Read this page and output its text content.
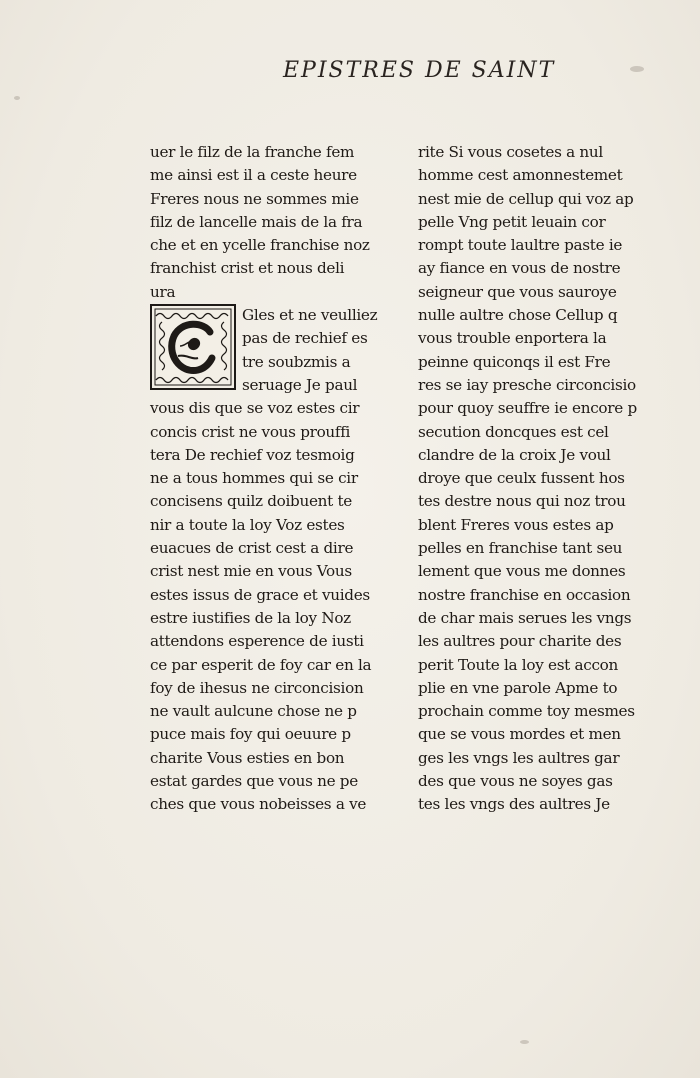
EPISTRES DE SAINT
uer le filz de la franche fem
me ainsi est il a ceste heure
Freres nous ne sommes mie
filz de lancelle mais de la fra
che et en ycelle franchise noz
franchist crist et nous deli
ura
Gles et ne veulliez
pas de rechief es
tre soubzmis a
seruage Je paul
vous dis que se voz estes cir
concis crist ne vous prouffi
tera De rechief voz tesmoig
ne a tous hommes qui se cir
concisens quilz doibuent te
nir a toute la loy Voz estes
euacues de crist cest a dire
crist nest mie en vous Vous
estes issus de grace et vuides
estre iustifies de la loy Noz
attendons esperence de iusti
ce par esperit de foy car en la
foy de ihesus ne circoncision
ne vault aulcune chose ne p
puce mais foy qui oeuure p
charite Vous esties en bon
estat gardes que vous ne pe
ches que vous nobeisses a ve
rite Si vous cosetes a nul
homme cest amonnestemet
nest mie de cellup qui voz ap
pelle Vng petit leuain cor
rompt toute laultre paste ie
ay fiance en vous de nostre
seigneur que vous sauroye
nulle aultre chose Cellup q
vous trouble enportera la
peinne quiconqs il est Fre
res se iay presche circoncisio
pour quoy seuffre ie encore p
secution doncques est cel
clandre de la croix Je voul
droye que ceulx fussent hos
tes destre nous qui noz trou
blent Freres vous estes ap
pelles en franchise tant seu
lement que vous me donnes
nostre franchise en occasion
de char mais serues les vngs
les aultres pour charite des
perit Toute la loy est accon
plie en vne parole Apme to
prochain comme toy mesmes
que se vous mordes et men
ges les vngs les aultres gar
des que vous ne soyes gas
tes les vngs des aultres Je
